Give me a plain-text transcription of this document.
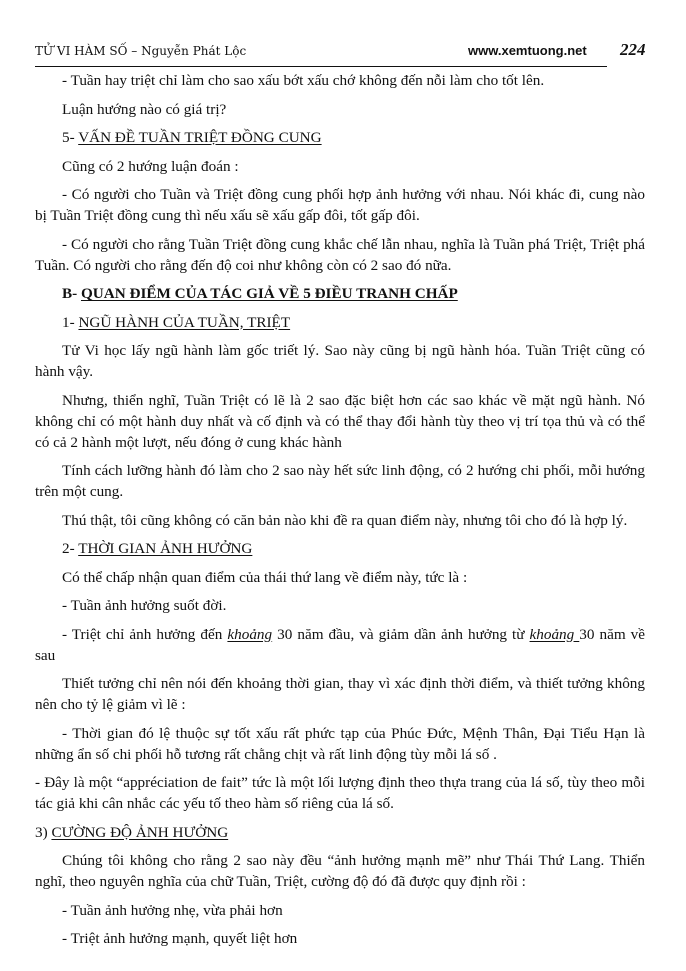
TỬ VI HÀM SỐ – Nguyễn Phát Lộc	www.xemtuong.net 224

- Tuần hay triệt chỉ làm cho sao xấu bớt xấu chớ không đến nỗi làm cho tốt lên.

Luận hướng nào có giá trị?

5- VẤN ĐỀ TUẦN TRIỆT ĐỒNG CUNG

Cũng có 2 hướng luận đoán :

- Có người cho Tuần và Triệt đồng cung phối hợp ảnh hưởng với nhau. Nói khác đi, cung nào bị Tuần Triệt đồng cung thì nếu xấu sẽ xấu gấp đôi, tốt gấp đôi.

- Có người cho rằng Tuần Triệt đồng cung khắc chế lẫn nhau, nghĩa là Tuần phá Triệt, Triệt phá Tuần. Có người cho rằng đến độ coi như không còn có 2 sao đó nữa.

B- QUAN ĐIỂM CỦA TÁC GIẢ VỀ 5 ĐIỀU TRANH CHẤP

1- NGŨ HÀNH CỦA TUẦN, TRIỆT

Tử Vi học lấy ngũ hành làm gốc triết lý. Sao này cũng bị ngũ hành hóa. Tuần Triệt cũng có hành vậy.

Nhưng, thiển nghĩ, Tuần Triệt có lẽ là 2 sao đặc biệt hơn các sao khác về mặt ngũ hành. Nó không chỉ có một hành duy nhất và cố định và có thể thay đổi hành tùy theo vị trí tọa thủ và có thể có cả 2 hành một lượt, nếu đóng ở cung khác hành

Tính cách lưỡng hành đó làm cho 2 sao này hết sức linh động, có 2 hướng chi phối, mỗi hướng trên một cung.

Thú thật, tôi cũng không có căn bản nào khi đề ra quan điểm này, nhưng tôi cho đó là hợp lý.

2- THỜI GIAN ẢNH HƯỞNG

Có thể chấp nhận quan điểm của thái thứ lang về điểm này, tức là :

- Tuần ảnh hưởng suốt đời.

- Triệt chỉ ảnh hưởng đến khoảng 30 năm đầu, và giảm dần ảnh hưởng từ khoảng 30 năm về sau

Thiết tưởng chỉ nên nói đến khoảng thời gian, thay vì xác định thời điểm, và thiết tưởng không nên cho tỷ lệ giảm vì lẽ :

- Thời gian đó lệ thuộc sự tốt xấu rất phức tạp của Phúc Đức, Mệnh Thân, Đại Tiểu Hạn là những ẩn số chi phối hỗ tương rất chằng chịt và rất linh động tùy mỗi lá số .

- Đây là một “appréciation de fait” tức là một lối lượng định theo thựa trang của lá số, tùy theo mỗi tác giả khi cân nhắc các yếu tố theo hàm số riêng của lá số.

3) CƯỜNG ĐỘ ẢNH HƯỞNG

Chúng tôi không cho rằng 2 sao này đều “ảnh hưởng mạnh mẽ” như Thái Thứ Lang. Thiển nghĩ, theo nguyên nghĩa của chữ Tuần, Triệt, cường độ đó đã được quy định rồi :

- Tuần ảnh hưởng nhẹ, vừa phải hơn

- Triệt ảnh hưởng mạnh, quyết liệt hơn
